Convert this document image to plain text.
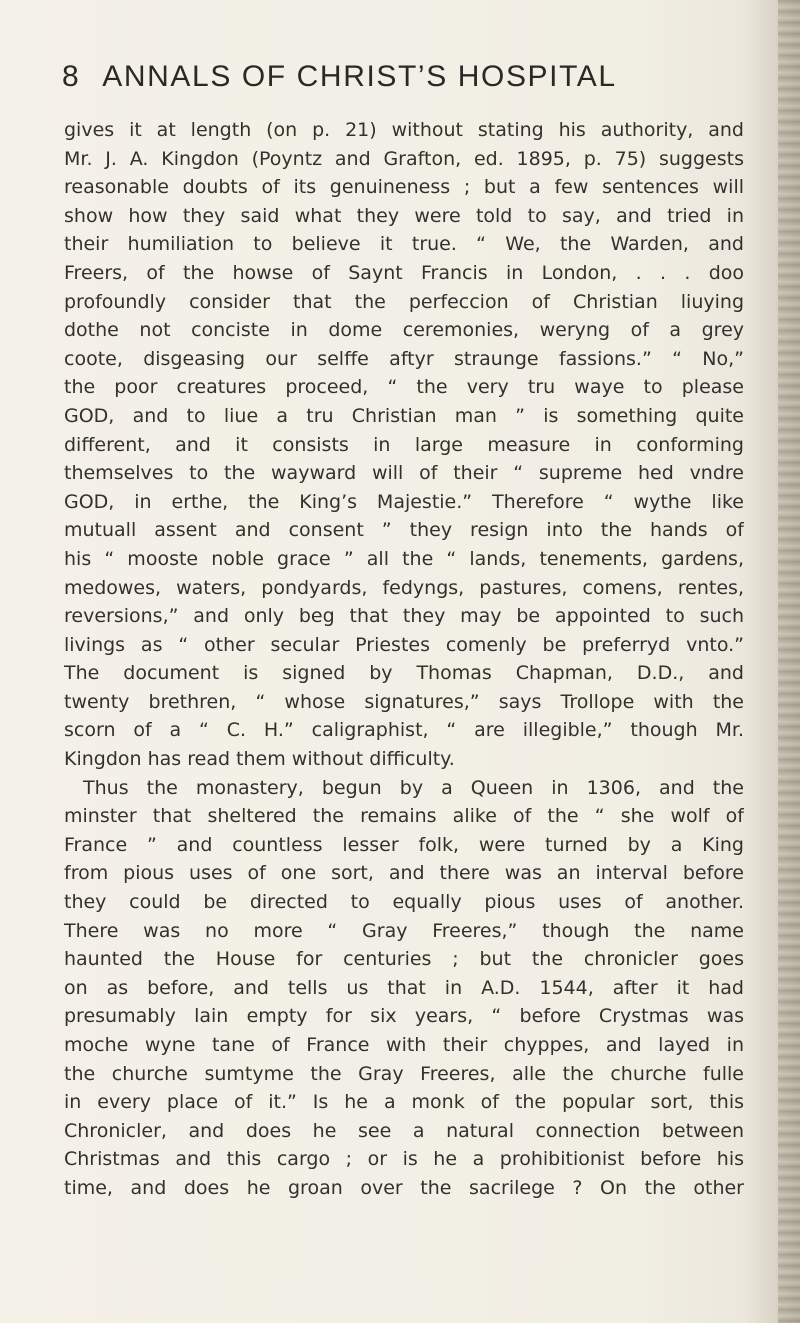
8 ANNALS OF CHRIST’S HOSPITAL
gives it at length (on p. 21) without stating his authority, and
Mr. J. A. Kingdon (Poyntz and Grafton, ed. 1895, p. 75) suggests
reasonable doubts of its genuineness ; but a few sentences will
show how they said what they were told to say, and tried in
their humiliation to believe it true. “ We, the Warden, and
Freers, of the howse of Saynt Francis in London, . . . doo
profoundly consider that the perfeccion of Christian liuying
dothe not conciste in dome ceremonies, weryng of a grey
coote, disgeasing our selffe aftyr straunge fassions.” “ No,”
the poor creatures proceed, “ the very tru waye to please
GOD, and to liue a tru Christian man ” is something quite
different, and it consists in large measure in conforming
themselves to the wayward will of their “ supreme hed vndre
GOD, in erthe, the King’s Majestie.” Therefore “ wythe like
mutuall assent and consent ” they resign into the hands of
his “ mooste noble grace ” all the “ lands, tenements, gardens,
medowes, waters, pondyards, fedyngs, pastures, comens, rentes,
reversions,” and only beg that they may be appointed to such
livings as “ other secular Priestes comenly be preferryd vnto.”
The document is signed by Thomas Chapman, D.D., and
twenty brethren, “ whose signatures,” says Trollope with the
scorn of a “ C. H.” caligraphist, “ are illegible,” though Mr.
Kingdon has read them without difficulty.
Thus the monastery, begun by a Queen in 1306, and the
minster that sheltered the remains alike of the “ she wolf of
France ” and countless lesser folk, were turned by a King
from pious uses of one sort, and there was an interval before
they could be directed to equally pious uses of another.
There was no more “ Gray Freeres,” though the name
haunted the House for centuries ; but the chronicler goes
on as before, and tells us that in A.D. 1544, after it had
presumably lain empty for six years, “ before Crystmas was
moche wyne tane of France with their chyppes, and layed in
the churche sumtyme the Gray Freeres, alle the churche fulle
in every place of it.” Is he a monk of the popular sort, this
Chronicler, and does he see a natural connection between
Christmas and this cargo ; or is he a prohibitionist before his
time, and does he groan over the sacrilege ? On the other
